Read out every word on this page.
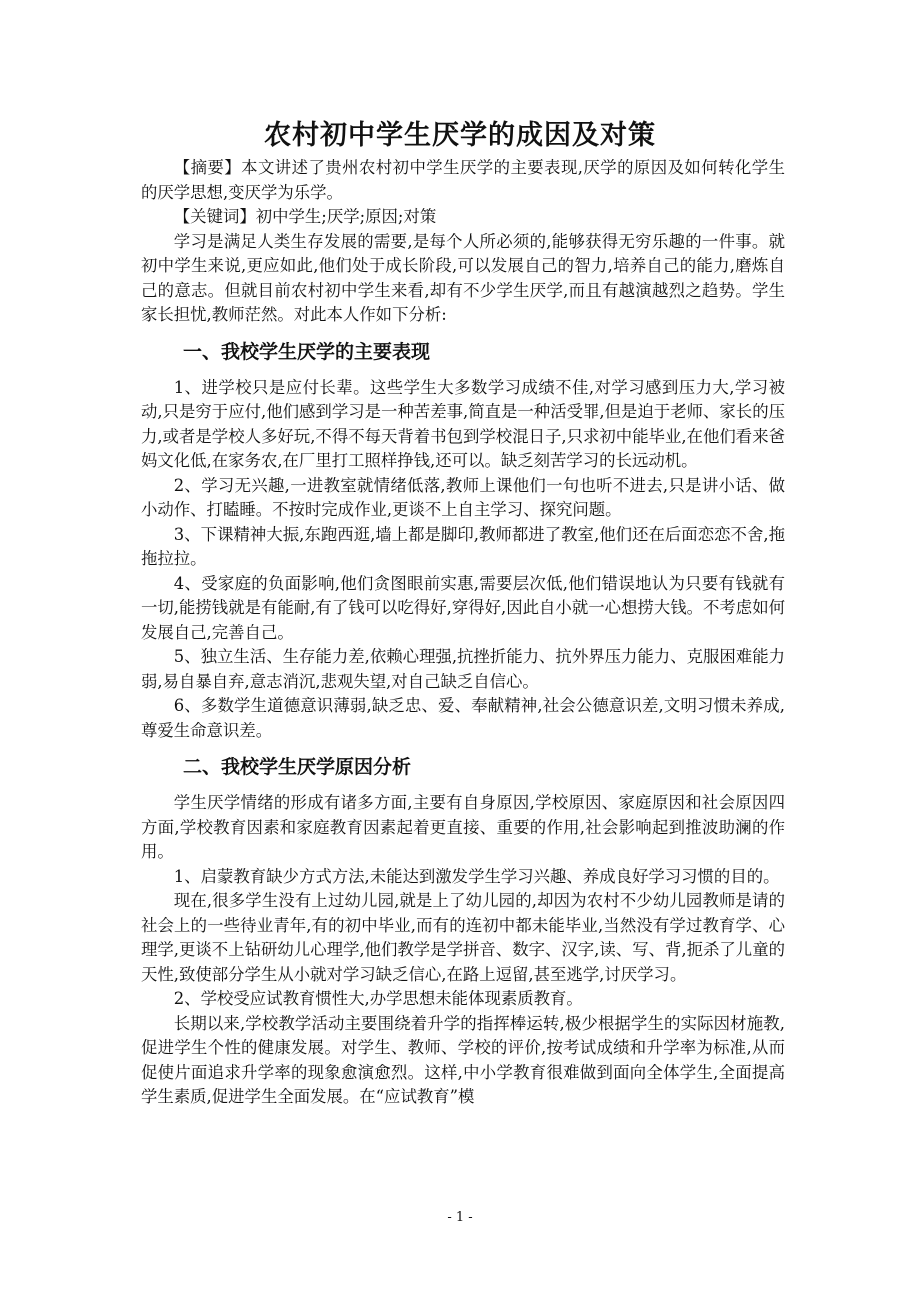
农村初中学生厌学的成因及对策

【摘要】本文讲述了贵州农村初中学生厌学的主要表现,厌学的原因及如何转化学生的厌学思想,变厌学为乐学。

【关键词】初中学生;厌学;原因;对策

学习是满足人类生存发展的需要,是每个人所必须的,能够获得无穷乐趣的一件事。就初中学生来说,更应如此,他们处于成长阶段,可以发展自己的智力,培养自己的能力,磨炼自己的意志。但就目前农村初中学生来看,却有不少学生厌学,而且有越演越烈之趋势。学生家长担忧,教师茫然。对此本人作如下分析:

一、我校学生厌学的主要表现

1、进学校只是应付长辈。这些学生大多数学习成绩不佳,对学习感到压力大,学习被动,只是穷于应付,他们感到学习是一种苦差事,简直是一种活受罪,但是迫于老师、家长的压力,或者是学校人多好玩,不得不每天背着书包到学校混日子,只求初中能毕业,在他们看来爸妈文化低,在家务农,在厂里打工照样挣钱,还可以。缺乏刻苦学习的长远动机。

2、学习无兴趣,一进教室就情绪低落,教师上课他们一句也听不进去,只是讲小话、做小动作、打瞌睡。不按时完成作业,更谈不上自主学习、探究问题。

3、下课精神大振,东跑西逛,墙上都是脚印,教师都进了教室,他们还在后面恋恋不舍,拖拖拉拉。

4、受家庭的负面影响,他们贪图眼前实惠,需要层次低,他们错误地认为只要有钱就有一切,能捞钱就是有能耐,有了钱可以吃得好,穿得好,因此自小就一心想捞大钱。不考虑如何发展自己,完善自己。

5、独立生活、生存能力差,依赖心理强,抗挫折能力、抗外界压力能力、克服困难能力弱,易自暴自弃,意志消沉,悲观失望,对自己缺乏自信心。

6、多数学生道德意识薄弱,缺乏忠、爱、奉献精神,社会公德意识差,文明习惯未养成,尊爱生命意识差。

二、我校学生厌学原因分析

学生厌学情绪的形成有诸多方面,主要有自身原因,学校原因、家庭原因和社会原因四方面,学校教育因素和家庭教育因素起着更直接、重要的作用,社会影响起到推波助澜的作用。

1、启蒙教育缺少方式方法,未能达到激发学生学习兴趣、养成良好学习习惯的目的。

现在,很多学生没有上过幼儿园,就是上了幼儿园的,却因为农村不少幼儿园教师是请的社会上的一些待业青年,有的初中毕业,而有的连初中都未能毕业,当然没有学过教育学、心理学,更谈不上钻研幼儿心理学,他们教学是学拼音、数字、汉字,读、写、背,扼杀了儿童的天性,致使部分学生从小就对学习缺乏信心,在路上逗留,甚至逃学,讨厌学习。

2、学校受应试教育惯性大,办学思想未能体现素质教育。

长期以来,学校教学活动主要围绕着升学的指挥棒运转,极少根据学生的实际因材施教,促进学生个性的健康发展。对学生、教师、学校的评价,按考试成绩和升学率为标准,从而促使片面追求升学率的现象愈演愈烈。这样,中小学教育很难做到面向全体学生,全面提高学生素质,促进学生全面发展。在“应试教育”模

- 1 -
